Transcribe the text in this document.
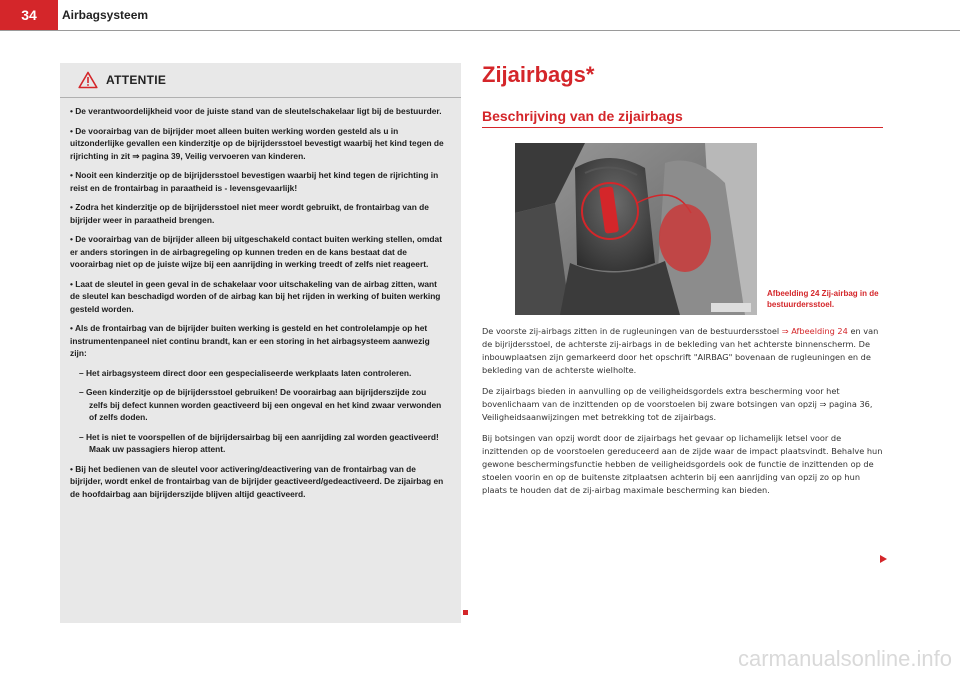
34	Airbagsysteem
ATTENTIE

• De verantwoordelijkheid voor de juiste stand van de sleutelschakelaar ligt bij de bestuurder.

• De voorairbag van de bijrijder moet alleen buiten werking worden gesteld als u in uitzonderlijke gevallen een kinderzitje op de bijrijdersstoel bevestigt waarbij het kind tegen de rijrichting in zit ⇒ pagina 39, Veilig vervoeren van kinderen.

• Nooit een kinderzitje op de bijrijdersstoel bevestigen waarbij het kind tegen de rijrichting in reist en de frontairbag in paraatheid is - levensgevaarlijk!

• Zodra het kinderzitje op de bijrijdersstoel niet meer wordt gebruikt, de frontairbag van de bijrijder weer in paraatheid brengen.

• De voorairbag van de bijrijder alleen bij uitgeschakeld contact buiten werking stellen, omdat er anders storingen in de airbagregeling op kunnen treden en de kans bestaat dat de voorairbag niet op de juiste wijze bij een aanrijding in werking treedt of zelfs niet reageert.

• Laat de sleutel in geen geval in de schakelaar voor uitschakeling van de airbag zitten, want de sleutel kan beschadigd worden of de airbag kan bij het rijden in werking of buiten werking gesteld worden.

• Als de frontairbag van de bijrijder buiten werking is gesteld en het controlelampje op het instrumentenpaneel niet continu brandt, kan er een storing in het airbagsysteem aanwezig zijn:

– Het airbagsysteem direct door een gespecialiseerde werkplaats laten controleren.

– Geen kinderzitje op de bijrijdersstoel gebruiken! De voorairbag aan bijrijderszijde zou zelfs bij defect kunnen worden geactiveerd bij een ongeval en het kind zwaar verwonden of zelfs doden.

– Het is niet te voorspellen of de bijrijdersairbag bij een aanrijding zal worden geactiveerd! Maak uw passagiers hierop attent.

• Bij het bedienen van de sleutel voor activering/deactivering van de frontairbag van de bijrijder, wordt enkel de frontairbag van de bijrijder geactiveerd/gedeactiveerd. De zijairbag en de hoofdairbag aan bijrijderszijde blijven altijd geactiveerd.

Zijairbags*
Beschrijving van de zijairbags
Afbeelding 24 Zij-airbag in de bestuurdersstoel.

De voorste zij-airbags zitten in de rugleuningen van de bestuurdersstoel ⇒ Afbeelding 24 en van de bijrijdersstoel, de achterste zij-airbags in de bekleding van het achterste binnenscherm. De inbouwplaatsen zijn gemarkeerd door het opschrift "AIRBAG" bovenaan de rugleuningen en de bekleding van de achterste wielholte.

De zijairbags bieden in aanvulling op de veiligheidsgordels extra bescherming voor het bovenlichaam van de inzittenden op de voorstoelen bij zware botsingen van opzij ⇒ pagina 36, Veiligheidsaanwijzingen met betrekking tot de zijairbags.

Bij botsingen van opzij wordt door de zijairbags het gevaar op lichamelijk letsel voor de inzittenden op de voorstoelen gereduceerd aan de zijde waar de impact plaatsvindt. Behalve hun gewone beschermingsfunctie hebben de veiligheidsgordels ook de functie de inzittenden op de stoelen voorin en op de buitenste zitplaatsen achterin bij een aanrijding van opzij zo op hun plaats te houden dat de zij-airbag maximale bescherming kan bieden.

carmanualsonline.info
